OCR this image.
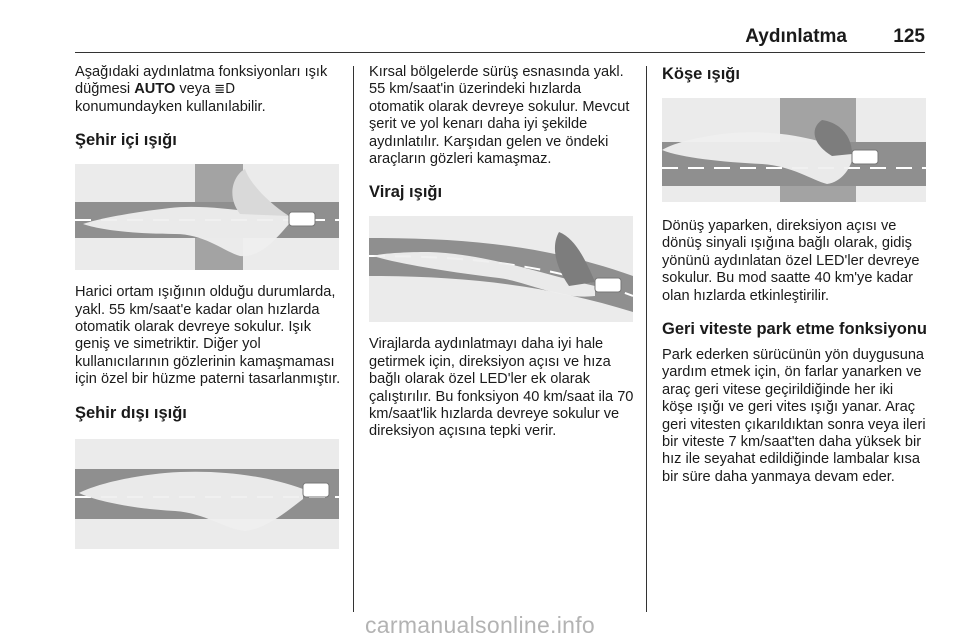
Aydınlatma 125

Aşağıdaki aydınlatma fonksiyonları ışık düğmesi AUTO veya ≣D konumundayken kullanılabilir.

Şehir içi ışığı

Harici ortam ışığının olduğu durumlarda, yakl. 55 km/saat'e kadar olan hızlarda otomatik olarak devreye sokulur. Işık geniş ve simetriktir. Diğer yol kullanıcılarının gözlerinin kamaşmaması için özel bir hüzme paterni tasarlanmıştır.

Şehir dışı ışığı

Kırsal bölgelerde sürüş esnasında yakl. 55 km/saat'in üzerindeki hızlarda otomatik olarak devreye sokulur. Mevcut şerit ve yol kenarı daha iyi şekilde aydınlatılır. Karşıdan gelen ve öndeki araçların gözleri kamaşmaz.

Viraj ışığı

Virajlarda aydınlatmayı daha iyi hale getirmek için, direksiyon açısı ve hıza bağlı olarak özel LED'ler ek olarak çalıştırılır. Bu fonksiyon 40 km/saat ila 70 km/saat'lik hızlarda devreye sokulur ve direksiyon açısına tepki verir.

Köşe ışığı

Dönüş yaparken, direksiyon açısı ve dönüş sinyali ışığına bağlı olarak, gidiş yönünü aydınlatan özel LED'ler devreye sokulur. Bu mod saatte 40 km'ye kadar olan hızlarda etkinleştirilir.

Geri viteste park etme fonksiyonu

Park ederken sürücünün yön duygusuna yardım etmek için, ön farlar yanarken ve araç geri vitese geçirildiğinde her iki köşe ışığı ve geri vites ışığı yanar. Araç geri vitesten çıkarıldıktan sonra veya ileri bir viteste 7 km/saat'ten daha yüksek bir hız ile seyahat edildiğinde lambalar kısa bir süre daha yanmaya devam eder.

carmanualsonline.info
